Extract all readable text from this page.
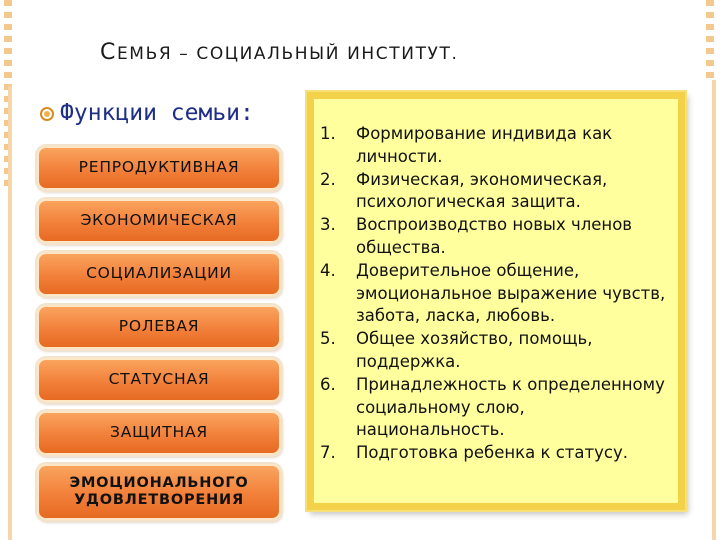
СЕМЬЯ – СОЦИАЛЬНЫЙ ИНСТИТУТ.
Функции семьи:
РЕПРОДУКТИВНАЯ
ЭКОНОМИЧЕСКАЯ
СОЦИАЛИЗАЦИИ
РОЛЕВАЯ
СТАТУСНАЯ
ЗАЩИТНАЯ
ЭМОЦИОНАЛЬНОГО УДОВЛЕТВОРЕНИЯ
1. Формирование индивида как личности.
2. Физическая, экономическая, психологическая защита.
3. Воспроизводство новых членов общества.
4. Доверительное общение, эмоциональное выражение чувств, забота, ласка, любовь.
5. Общее хозяйство, помощь, поддержка.
6. Принадлежность к определенному социальному слою, национальность.
7. Подготовка ребенка к статусу.
